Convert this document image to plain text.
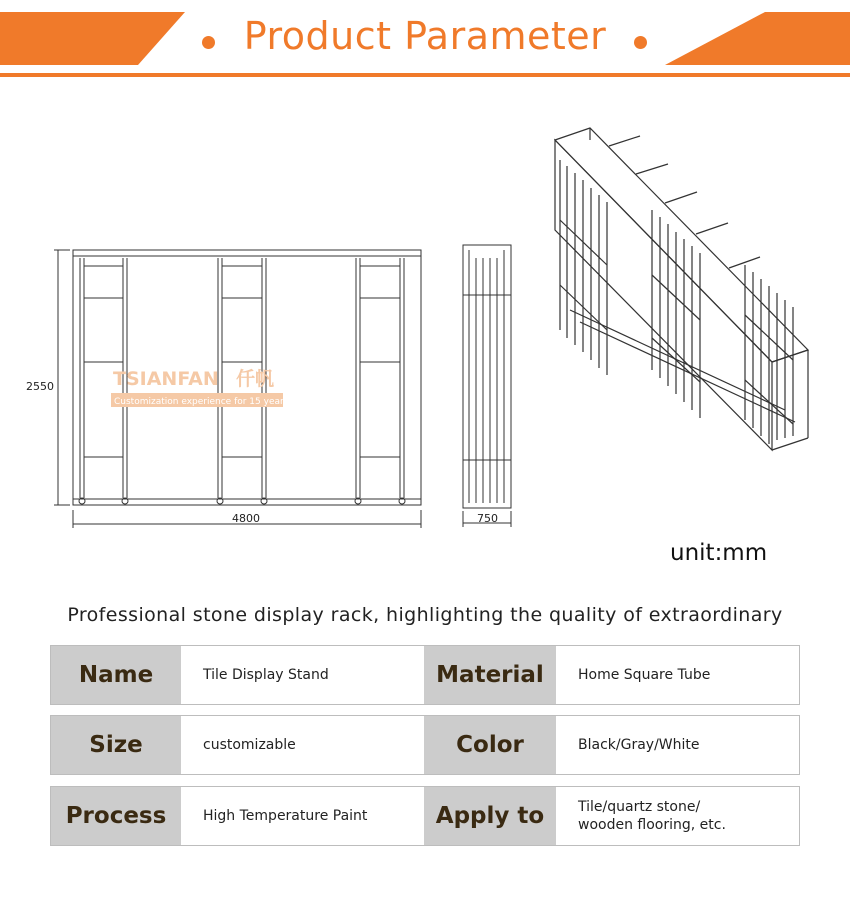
Product Parameter
TSIANFAN 仟帆
Customization experience for 15 years
2550
4800	750
unit:mm
Professional stone display rack, highlighting the quality of extraordinary
Name	Tile Display Stand	Material	Home Square Tube
Size	customizable	Color	Black/Gray/White
Process	High Temperature Paint	Apply to	Tile/quartz stone/
wooden flooring, etc.
